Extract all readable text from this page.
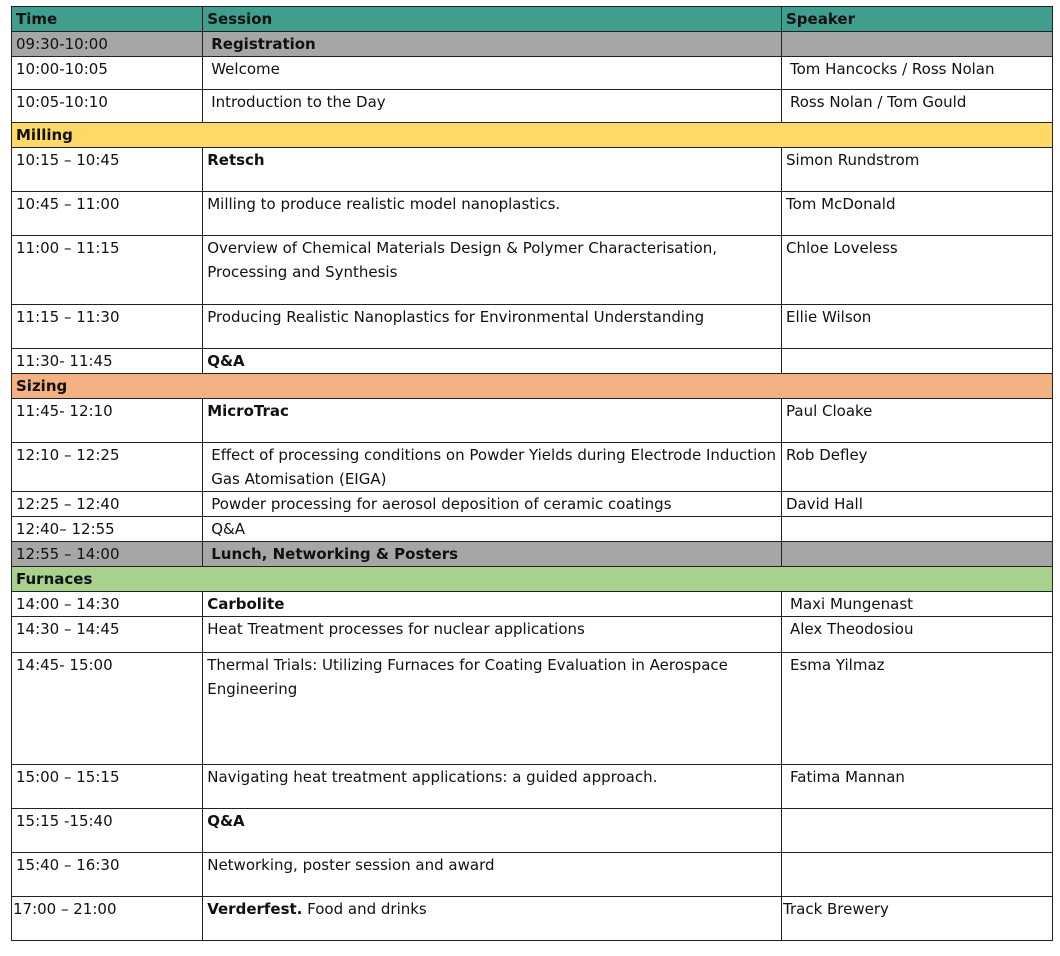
Time	Session	Speaker
09:30-10:00	Registration	
10:00-10:05	Welcome	Tom Hancocks / Ross Nolan
10:05-10:10	Introduction to the Day	Ross Nolan / Tom Gould
Milling		
10:15 – 10:45	Retsch	Simon Rundstrom
10:45 – 11:00	Milling to produce realistic model nanoplastics.	Tom McDonald
11:00 – 11:15	Overview of Chemical Materials Design & Polymer Characterisation, Processing and Synthesis	Chloe Loveless
11:15 – 11:30	Producing Realistic Nanoplastics for Environmental Understanding	Ellie Wilson
11:30- 11:45	Q&A	
Sizing		
11:45- 12:10	MicroTrac	Paul Cloake
12:10 – 12:25	Effect of processing conditions on Powder Yields during Electrode Induction Gas Atomisation (EIGA)	Rob Defley
12:25 – 12:40	Powder processing for aerosol deposition of ceramic coatings	David Hall
12:40– 12:55	Q&A	
12:55 – 14:00	Lunch, Networking & Posters	
Furnaces		
14:00 – 14:30	Carbolite	Maxi Mungenast
14:30 – 14:45	Heat Treatment processes for nuclear applications	Alex Theodosiou
14:45- 15:00	Thermal Trials: Utilizing Furnaces for Coating Evaluation in Aerospace Engineering	Esma Yilmaz
15:00 – 15:15	Navigating heat treatment applications: a guided approach.	Fatima Mannan
15:15 -15:40	Q&A	
15:40 – 16:30	Networking, poster session and award	
17:00 – 21:00	Verderfest. Food and drinks	Track Brewery
